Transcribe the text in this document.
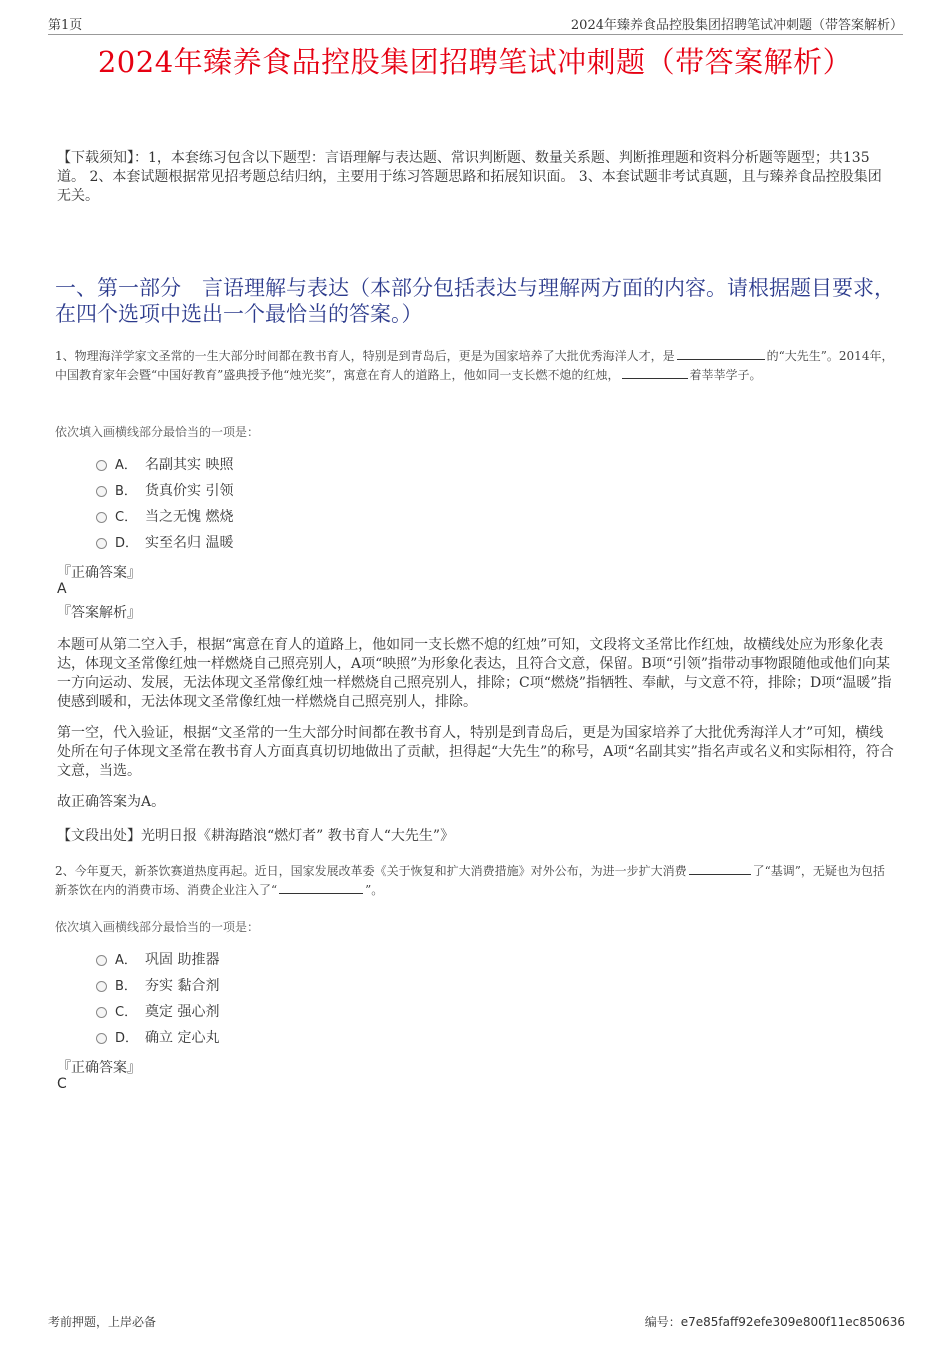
第1页	2024年臻养食品控股集团招聘笔试冲刺题（带答案解析）
2024年臻养食品控股集团招聘笔试冲刺题（带答案解析）
【下载须知】：1，本套练习包含以下题型：言语理解与表达题、常识判断题、数量关系题、判断推理题和资料分析题等题型；共135道。 2、本套试题根据常见招考题总结归纳，主要用于练习答题思路和拓展知识面。 3、本套试题非考试真题，且与臻养食品控股集团无关。
一、第一部分　言语理解与表达（本部分包括表达与理解两方面的内容。请根据题目要求，在四个选项中选出一个最恰当的答案。）
1、物理海洋学家文圣常的一生大部分时间都在教书育人，特别是到青岛后，更是为国家培养了大批优秀海洋人才，是	的“大先生”。2014年，中国教育家年会暨“中国好教育”盛典授予他“烛光奖”，寓意在育人的道路上，他如同一支长燃不熄的红烛，	着莘莘学子。
依次填入画横线部分最恰当的一项是：
A． 名副其实 映照
B． 货真价实 引领
C． 当之无愧 燃烧
D． 实至名归 温暖
『正确答案』
A
『答案解析』
本题可从第二空入手，根据“寓意在育人的道路上，他如同一支长燃不熄的红烛”可知，文段将文圣常比作红烛，故横线处应为形象化表达，体现文圣常像红烛一样燃烧自己照亮别人，A项“映照”为形象化表达，且符合文意，保留。B项“引领”指带动事物跟随他或他们向某一方向运动、发展，无法体现文圣常像红烛一样燃烧自己照亮别人，排除；C项“燃烧”指牺牲、奉献，与文意不符，排除；D项“温暖”指使感到暖和，无法体现文圣常像红烛一样燃烧自己照亮别人，排除。
第一空，代入验证，根据“文圣常的一生大部分时间都在教书育人，特别是到青岛后，更是为国家培养了大批优秀海洋人才”可知，横线处所在句子体现文圣常在教书育人方面真真切切地做出了贡献，担得起“大先生”的称号，A项“名副其实”指名声或名义和实际相符，符合文意，当选。
故正确答案为A。
【文段出处】光明日报《耕海踏浪“燃灯者” 教书育人“大先生”》
2、今年夏天，新茶饮赛道热度再起。近日，国家发展改革委《关于恢复和扩大消费措施》对外公布，为进一步扩大消费	了“基调”，无疑也为包括新茶饮在内的消费市场、消费企业注入了“	”。
依次填入画横线部分最恰当的一项是：
A． 巩固 助推器
B． 夯实 黏合剂
C． 奠定 强心剂
D． 确立 定心丸
『正确答案』
C
考前押题，上岸必备	编号：e7e85faff92efe309e800f11ec850636
